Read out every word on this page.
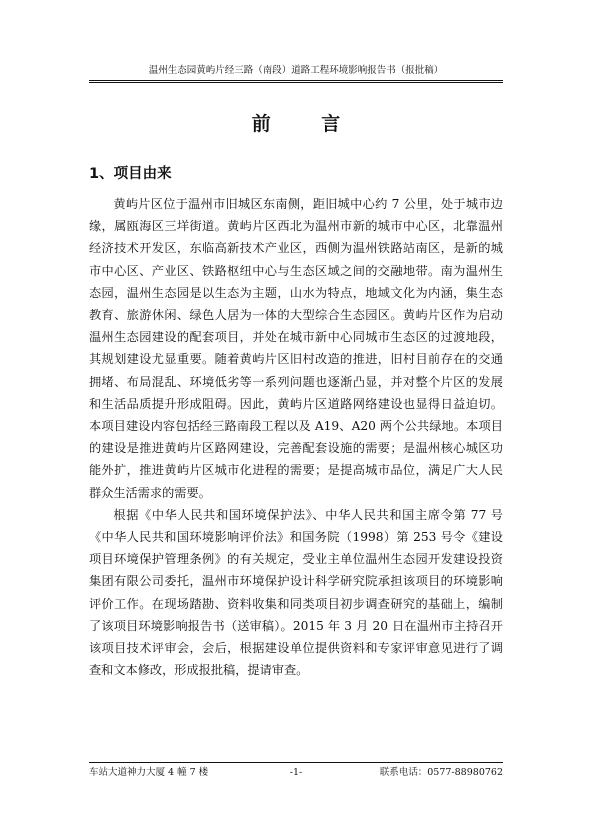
温州生态园黄屿片经三路（南段）道路工程环境影响报告书（报批稿）
前 言
1、项目由来

黄屿片区位于温州市旧城区东南侧，距旧城中心约 7 公里，处于城市边缘，属瓯海区三垟街道。黄屿片区西北为温州市新的城市中心区，北靠温州经济技术开发区，东临高新技术产业区，西侧为温州铁路站南区，是新的城市中心区、产业区、铁路枢纽中心与生态区域之间的交融地带。南为温州生态园，温州生态园是以生态为主题，山水为特点，地域文化为内涵，集生态教育、旅游休闲、绿色人居为一体的大型综合生态园区。黄屿片区作为启动温州生态园建设的配套项目，并处在城市新中心同城市生态区的过渡地段，其规划建设尤显重要。随着黄屿片区旧村改造的推进，旧村目前存在的交通拥堵、布局混乱、环境低劣等一系列问题也逐渐凸显，并对整个片区的发展和生活品质提升形成阻碍。因此，黄屿片区道路网络建设也显得日益迫切。本项目建设内容包括经三路南段工程以及 A19、A20 两个公共绿地。本项目的建设是推进黄屿片区路网建设，完善配套设施的需要；是温州核心城区功能外扩，推进黄屿片区城市化进程的需要；是提高城市品位，满足广大人民群众生活需求的需要。

根据《中华人民共和国环境保护法》、中华人民共和国主席令第 77 号《中华人民共和国环境影响评价法》和国务院（1998）第 253 号令《建设项目环境保护管理条例》的有关规定，受业主单位温州生态园开发建设投资集团有限公司委托，温州市环境保护设计科学研究院承担该项目的环境影响评价工作。在现场踏勘、资料收集和同类项目初步调查研究的基础上，编制了该项目环境影响报告书（送审稿）。2015 年 3 月 20 日在温州市主持召开该项目技术评审会，会后，根据建设单位提供资料和专家评审意见进行了调查和文本修改，形成报批稿，提请审查。

车站大道神力大厦 4 幢 7 楼	-1-	联系电话：0577-88980762
